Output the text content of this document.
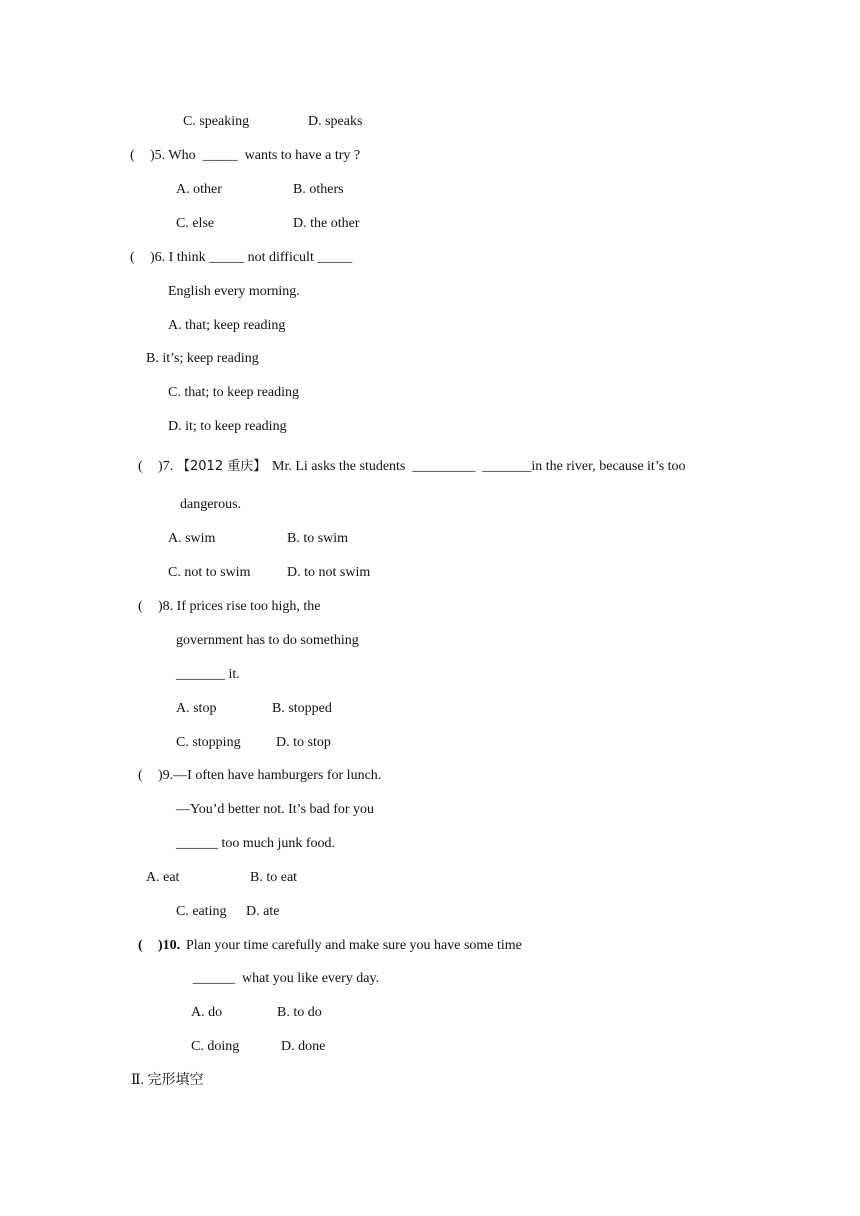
C. speaking	D. speaks
( )5. Who  _____  wants to have a try ?
A. other	B. others
C. else	D. the other
( )6. I think _____ not difficult _____
English every morning.
A. that; keep reading
B. it’s; keep reading
C. that; to keep reading
D. it; to keep reading
( )7. 【2012 重庆】 Mr. Li asks the students  _________  _______in the river, because it’s too
dangerous.
A. swim	B. to swim
C. not to swim	D. to not swim
( )8. If prices rise too high, the
government has to do something
_______ it.
A. stop	B. stopped
C. stopping	D. to stop
( )9.—I often have hamburgers for lunch.
—You’d better not. It’s bad for you
______ too much junk food.
A. eat	B. to eat
C. eating D. ate
( )10. Plan your time carefully and make sure you have some time
______  what you like every day.
A. do	B. to do
C. doing	D. done
Ⅱ. 完形填空
